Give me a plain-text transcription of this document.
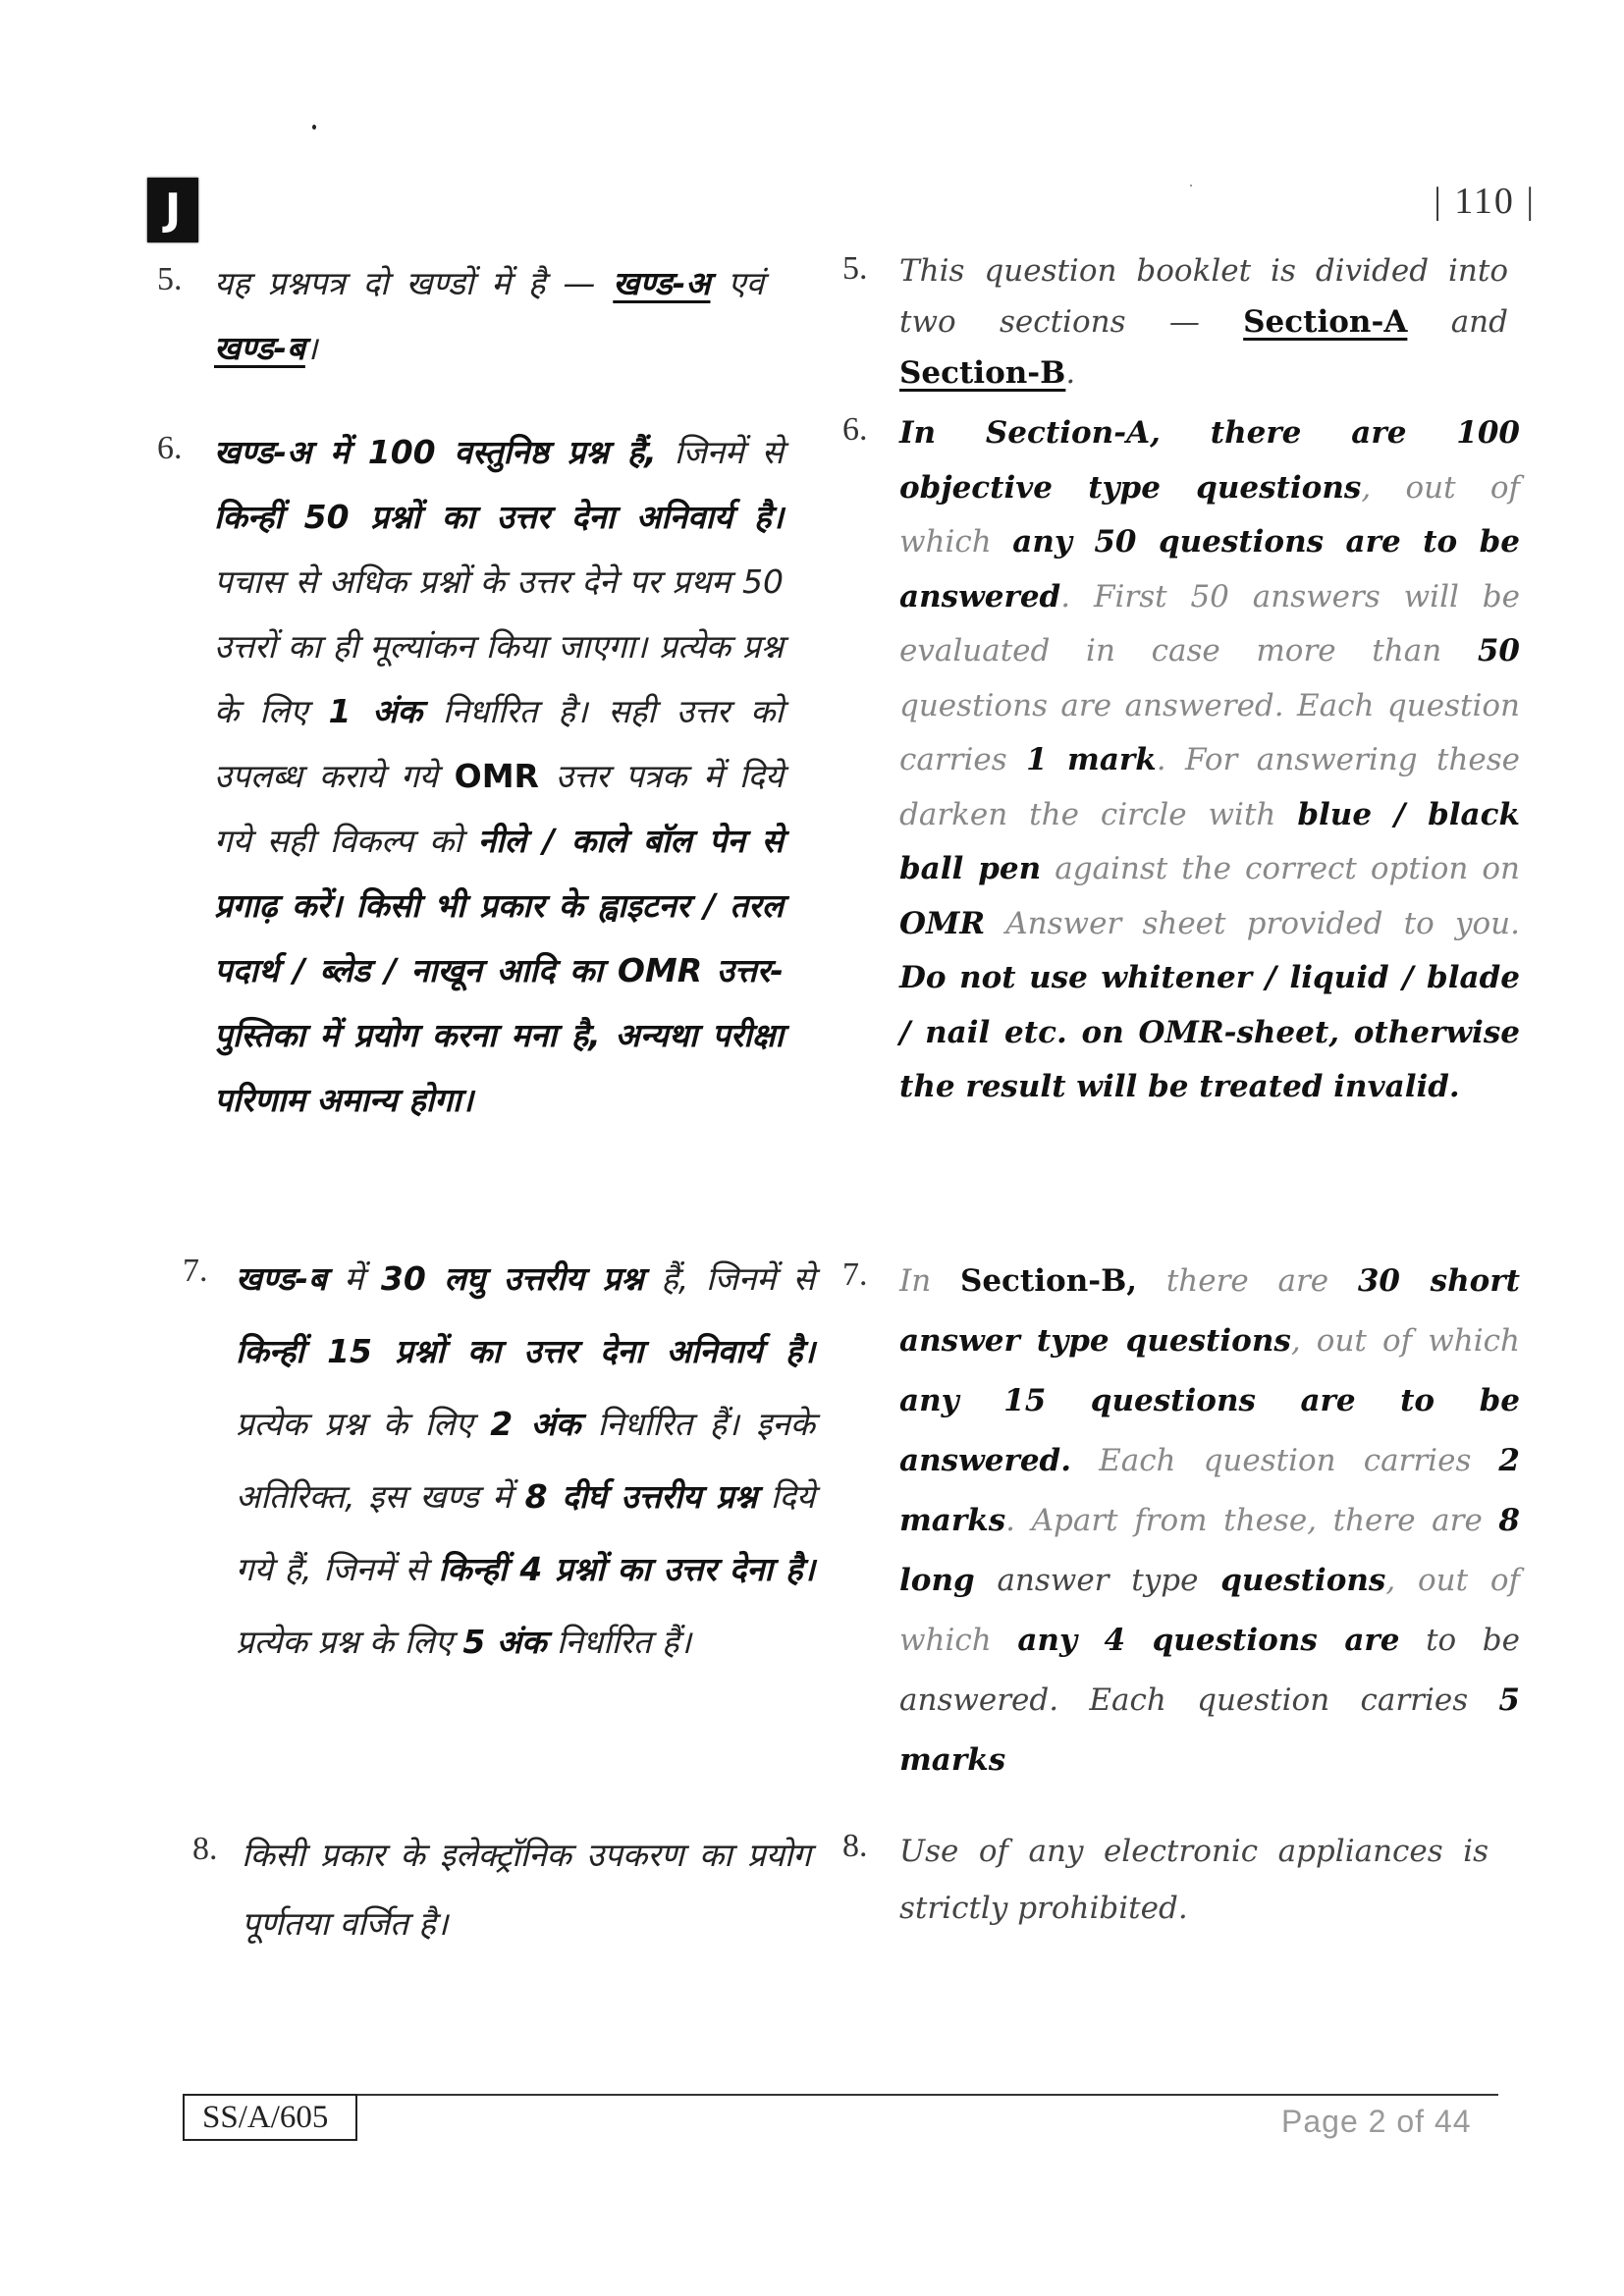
J	| 110 |
5. यह प्रश्नपत्र दो खण्डों में है — खण्ड-अ एवं खण्ड-ब।
6. खण्ड-अ में 100 वस्तुनिष्ठ प्रश्न हैं, जिनमें से किन्हीं 50 प्रश्नों का उत्तर देना अनिवार्य है। पचास से अधिक प्रश्नों के उत्तर देने पर प्रथम 50 उत्तरों का ही मूल्यांकन किया जाएगा। प्रत्येक प्रश्न के लिए 1 अंक निर्धारित है। सही उत्तर को उपलब्ध कराये गये OMR उत्तर पत्रक में दिये गये सही विकल्प को नीले / काले बॉल पेन से प्रगाढ़ करें। किसी भी प्रकार के ह्वाइटनर / तरल पदार्थ / ब्लेड / नाखून आदि का OMR उत्तर-पुस्तिका में प्रयोग करना मना है, अन्यथा परीक्षा परिणाम अमान्य होगा।
7. खण्ड-ब में 30 लघु उत्तरीय प्रश्न हैं, जिनमें से किन्हीं 15 प्रश्नों का उत्तर देना अनिवार्य है। प्रत्येक प्रश्न के लिए 2 अंक निर्धारित हैं। इनके अतिरिक्त, इस खण्ड में 8 दीर्घ उत्तरीय प्रश्न दिये गये हैं, जिनमें से किन्हीं 4 प्रश्नों का उत्तर देना है। प्रत्येक प्रश्न के लिए 5 अंक निर्धारित हैं।
8. किसी प्रकार के इलेक्ट्रॉनिक उपकरण का प्रयोग पूर्णतया वर्जित है।
5. This question booklet is divided into two sections — Section-A and Section-B.
6. In Section-A, there are 100 objective type questions, out of which any 50 questions are to be answered. First 50 answers will be evaluated in case more than 50 questions are answered. Each question carries 1 mark. For answering these darken the circle with blue / black ball pen against the correct option on OMR Answer sheet provided to you. Do not use whitener / liquid / blade / nail etc. on OMR-sheet, otherwise the result will be treated invalid.
7. In Section-B, there are 30 short answer type questions, out of which any 15 questions are to be answered. Each question carries 2 marks. Apart from these, there are 8 long answer type questions, out of which any 4 questions are to be answered. Each question carries 5 marks
8. Use of any electronic appliances is strictly prohibited.
SS/A/605	Page 2 of 44
